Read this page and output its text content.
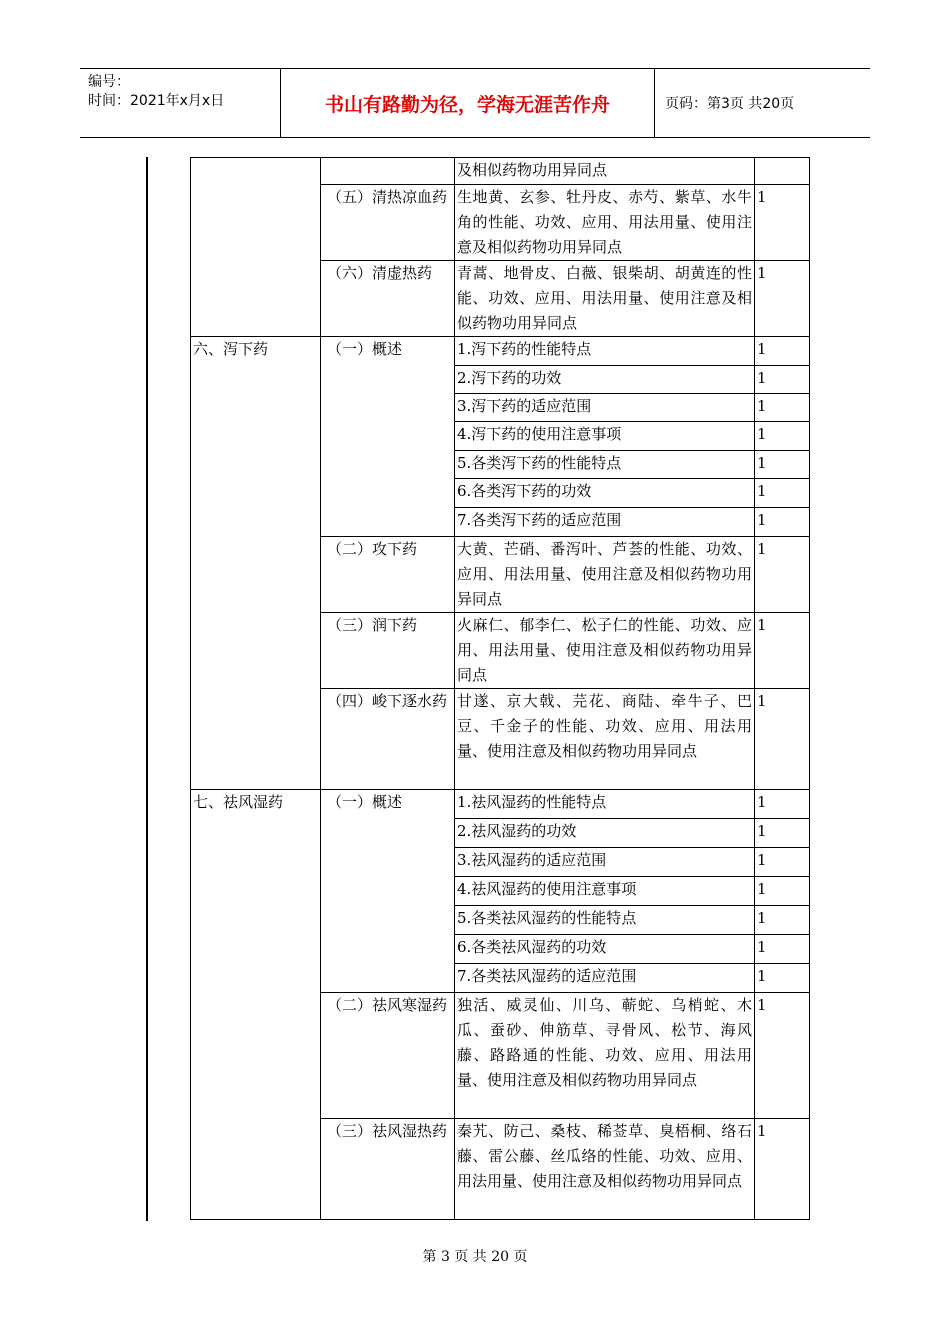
编号：
时间：2021年x月x日	书山有路勤为径，学海无涯苦作舟	页码：第3页 共20页
		及相似药物功用异同点	
	（五）清热凉血药	生地黄、玄参、牡丹皮、赤芍、紫草、水牛角的性能、功效、应用、用法用量、使用注意及相似药物功用异同点	1
	（六）清虚热药	青蒿、地骨皮、白薇、银柴胡、胡黄连的性能、功效、应用、用法用量、使用注意及相似药物功用异同点	1
六、泻下药	（一）概述	1.泻下药的性能特点	1
		2.泻下药的功效	1
		3.泻下药的适应范围	1
		4.泻下药的使用注意事项	1
		5.各类泻下药的性能特点	1
		6.各类泻下药的功效	1
		7.各类泻下药的适应范围	1
	（二）攻下药	大黄、芒硝、番泻叶、芦荟的性能、功效、应用、用法用量、使用注意及相似药物功用异同点	1
	（三）润下药	火麻仁、郁李仁、松子仁的性能、功效、应用、用法用量、使用注意及相似药物功用异同点	1
	（四）峻下逐水药	甘遂、京大戟、芫花、商陆、牵牛子、巴豆、千金子的性能、功效、应用、用法用量、使用注意及相似药物功用异同点	1
七、祛风湿药	（一）概述	1.祛风湿药的性能特点	1
		2.祛风湿药的功效	1
		3.祛风湿药的适应范围	1
		4.祛风湿药的使用注意事项	1
		5.各类祛风湿药的性能特点	1
		6.各类祛风湿药的功效	1
		7.各类祛风湿药的适应范围	1
	（二）祛风寒湿药	独活、威灵仙、川乌、蕲蛇、乌梢蛇、木瓜、蚕砂、伸筋草、寻骨风、松节、海风藤、路路通的性能、功效、应用、用法用量、使用注意及相似药物功用异同点	1
	（三）祛风湿热药	秦艽、防己、桑枝、稀莶草、臭梧桐、络石藤、雷公藤、丝瓜络的性能、功效、应用、用法用量、使用注意及相似药物功用异同点	1
第 3 页 共 20 页
